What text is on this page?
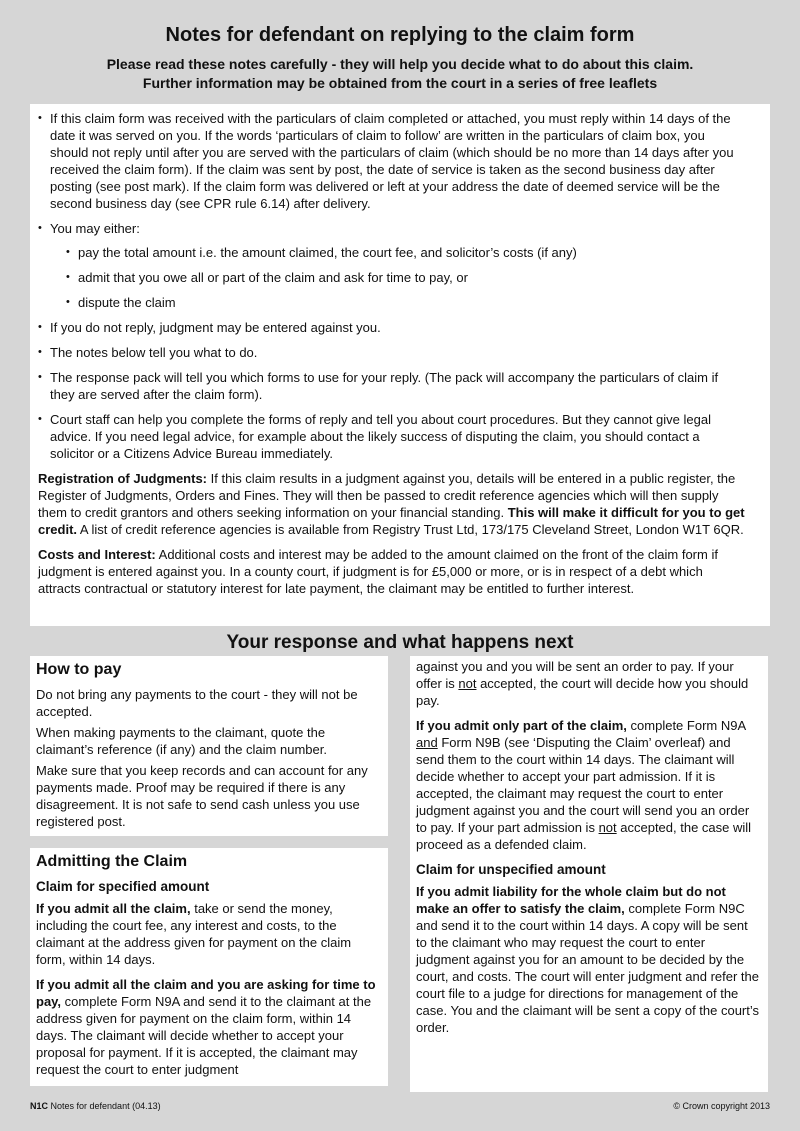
Notes for defendant on replying to the claim form
Please read these notes carefully - they will help you decide what to do about this claim.
Further information may be obtained from the court in a series of free leaflets
• If this claim form was received with the particulars of claim completed or attached, you must reply within 14 days of the date it was served on you. If the words ‘particulars of claim to follow’ are written in the particulars of claim box, you should not reply until after you are served with the particulars of claim (which should be no more than 14 days after you received the claim form). If the claim was sent by post, the date of service is taken as the second business day after posting (see post mark). If the claim form was delivered or left at your address the date of deemed service will be the second business day (see CPR rule 6.14) after delivery.
• You may either:
• pay the total amount i.e. the amount claimed, the court fee, and solicitor’s costs (if any)
• admit that you owe all or part of the claim and ask for time to pay, or
• dispute the claim
• If you do not reply, judgment may be entered against you.
• The notes below tell you what to do.
• The response pack will tell you which forms to use for your reply. (The pack will accompany the particulars of claim if they are served after the claim form).
• Court staff can help you complete the forms of reply and tell you about court procedures. But they cannot give legal advice. If you need legal advice, for example about the likely success of disputing the claim, you should contact a solicitor or a Citizens Advice Bureau immediately.

Registration of Judgments: If this claim results in a judgment against you, details will be entered in a public register, the Register of Judgments, Orders and Fines. They will then be passed to credit reference agencies which will then supply them to credit grantors and others seeking information on your financial standing. This will make it difficult for you to get credit. A list of credit reference agencies is available from Registry Trust Ltd, 173/175 Cleveland Street, London W1T 6QR.

Costs and Interest: Additional costs and interest may be added to the amount claimed on the front of the claim form if judgment is entered against you. In a county court, if judgment is for £5,000 or more, or is in respect of a debt which attracts contractual or statutory interest for late payment, the claimant may be entitled to further interest.

Your response and what happens next
How to pay

Do not bring any payments to the court - they will not be accepted.

When making payments to the claimant, quote the claimant’s reference (if any) and the claim number.

Make sure that you keep records and can account for any payments made. Proof may be required if there is any disagreement. It is not safe to send cash unless you use registered post.

Admitting the Claim
Claim for specified amount

If you admit all the claim, take or send the money, including the court fee, any interest and costs, to the claimant at the address given for payment on the claim form, within 14 days.

If you admit all the claim and you are asking for time to pay, complete Form N9A and send it to the claimant at the address given for payment on the claim form, within 14 days. The claimant will decide whether to accept your proposal for payment. If it is accepted, the claimant may request the court to enter judgment

against you and you will be sent an order to pay. If your offer is not accepted, the court will decide how you should pay.

If you admit only part of the claim, complete Form N9A and Form N9B (see ‘Disputing the Claim’ overleaf) and send them to the court within 14 days. The claimant will decide whether to accept your part admission. If it is accepted, the claimant may request the court to enter judgment against you and the court will send you an order to pay. If your part admission is not accepted, the case will proceed as a defended claim.

Claim for unspecified amount

If you admit liability for the whole claim but do not make an offer to satisfy the claim, complete Form N9C and send it to the court within 14 days. A copy will be sent to the claimant who may request the court to enter judgment against you for an amount to be decided by the court, and costs. The court will enter judgment and refer the court file to a judge for directions for management of the case. You and the claimant will be sent a copy of the court’s order.

N1C Notes for defendant (04.13)	© Crown copyright 2013
